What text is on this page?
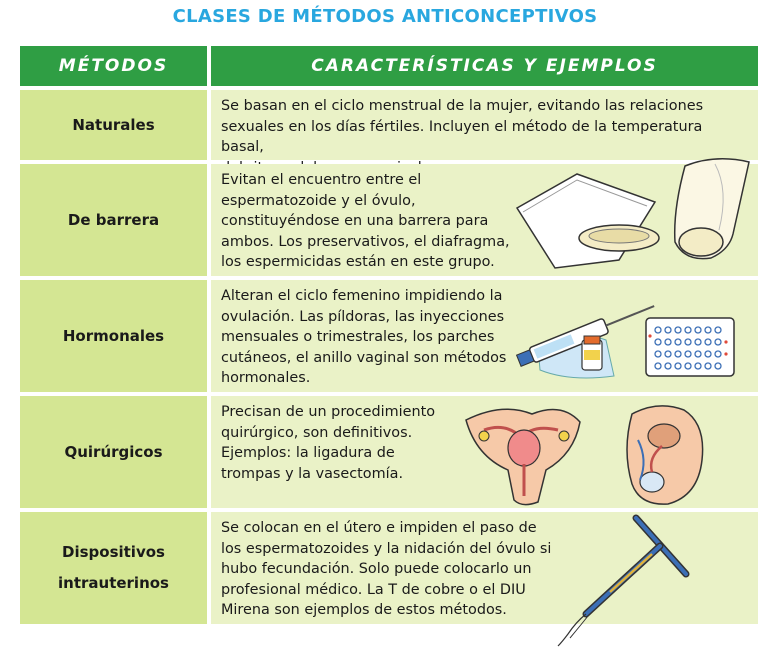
CLASES DE MÉTODOS ANTICONCEPTIVOS
MÉTODOS	CARACTERÍSTICAS Y EJEMPLOS
Naturales
Se basan en el ciclo menstrual de la mujer, evitando las relaciones
sexuales en los días fértiles. Incluyen el método de la temperatura basal,

De barrera
Evitan el encuentro entre el
espermatozoide y el óvulo,
constituyéndose en una barrera para
ambos. Los preservativos, el diafragma,
los espermicidas están en este grupo.
Hormonales
Alteran el ciclo femenino impidiendo la
ovulación. Las píldoras, las inyecciones
mensuales o trimestrales, los parches
cutáneos, el anillo vaginal son métodos
hormonales.
Quirúrgicos
Precisan de un procedimiento
quirúrgico, son definitivos.
Ejemplos: la ligadura de
trompas y la vasectomía.
Dispositivos
intrauterinos
Se colocan en el útero e impiden el paso de
los espermatozoides y la nidación del óvulo si
hubo fecundación. Solo puede colocarlo un
profesional médico. La T de cobre o el DIU
Mirena son ejemplos de estos métodos.
